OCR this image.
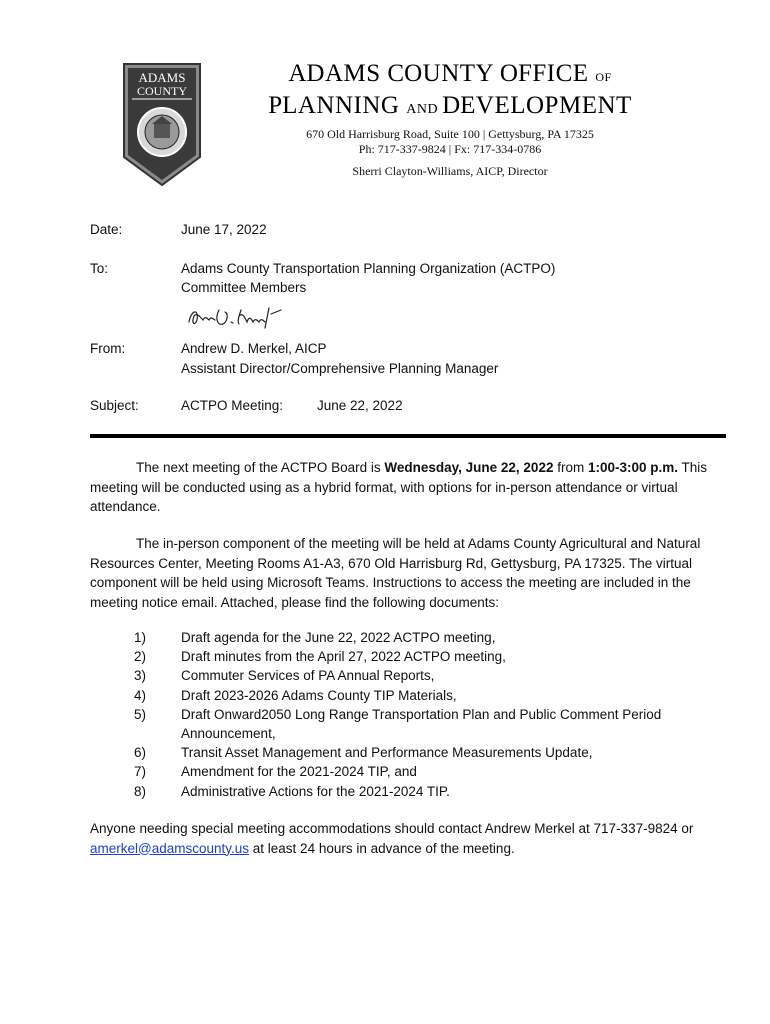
ADAMS
COUNTY
ADAMS COUNTY OFFICE OF
PLANNING AND DEVELOPMENT
670 Old Harrisburg Road, Suite 100 | Gettysburg, PA 17325
Ph: 717-337-9824 | Fx: 717-334-0786
Sherri Clayton-Williams, AICP, Director
Date:	June 17, 2022
To:	Adams County Transportation Planning Organization (ACTPO)
Committee Members
From:	Andrew D. Merkel, AICP
Assistant Director/Comprehensive Planning Manager
Subject:	ACTPO Meeting:	June 22, 2022
The next meeting of the ACTPO Board is Wednesday, June 22, 2022 from 1:00-3:00 p.m. This meeting will be conducted using as a hybrid format, with options for in-person attendance or virtual attendance.
The in-person component of the meeting will be held at Adams County Agricultural and Natural Resources Center, Meeting Rooms A1-A3, 670 Old Harrisburg Rd, Gettysburg, PA 17325. The virtual component will be held using Microsoft Teams. Instructions to access the meeting are included in the meeting notice email. Attached, please find the following documents:
1)	Draft agenda for the June 22, 2022 ACTPO meeting,
2)	Draft minutes from the April 27, 2022 ACTPO meeting,
3)	Commuter Services of PA Annual Reports,
4)	Draft 2023-2026 Adams County TIP Materials,
5)	Draft Onward2050 Long Range Transportation Plan and Public Comment Period Announcement,
6)	Transit Asset Management and Performance Measurements Update,
7)	Amendment for the 2021-2024 TIP, and
8)	Administrative Actions for the 2021-2024 TIP.
Anyone needing special meeting accommodations should contact Andrew Merkel at 717-337-9824 or amerkel@adamscounty.us at least 24 hours in advance of the meeting.
